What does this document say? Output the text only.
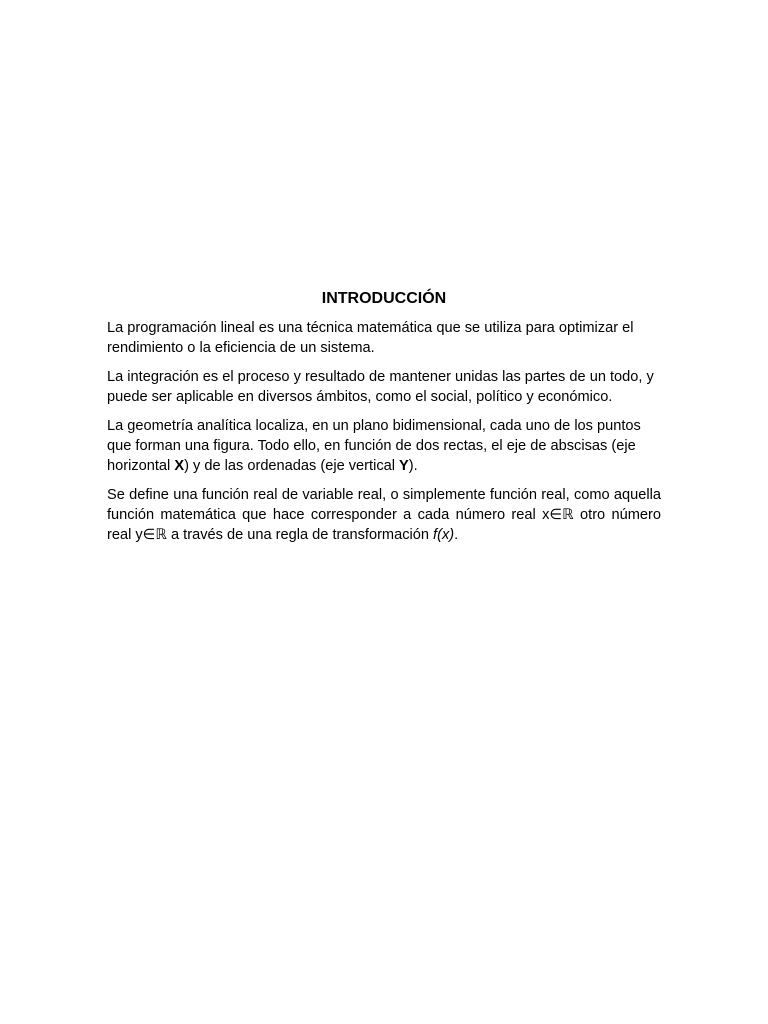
INTRODUCCIÓN

La programación lineal es una técnica matemática que se utiliza para optimizar el rendimiento o la eficiencia de un sistema.

La integración es el proceso y resultado de mantener unidas las partes de un todo, y puede ser aplicable en diversos ámbitos, como el social, político y económico.

La geometría analítica localiza, en un plano bidimensional, cada uno de los puntos que forman una figura. Todo ello, en función de dos rectas, el eje de abscisas (eje horizontal X) y de las ordenadas (eje vertical Y).

Se define una función real de variable real, o simplemente función real, como aquella función matemática que hace corresponder a cada número real x∈ℝ otro número real y∈ℝ a través de una regla de transformación f(x).
